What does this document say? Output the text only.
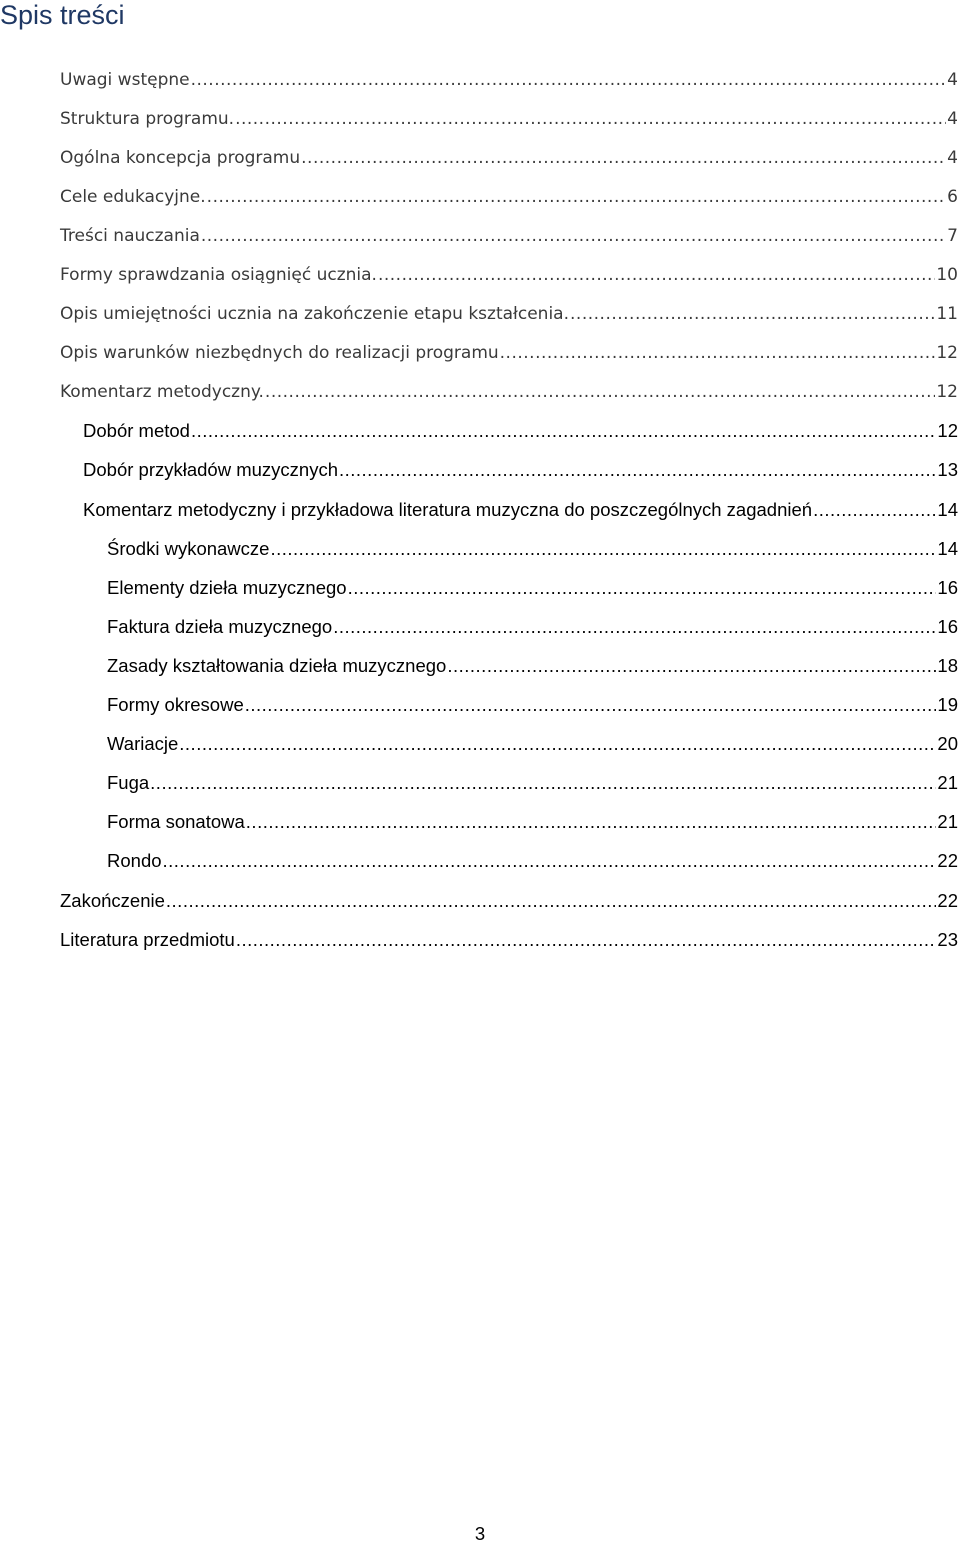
Spis treści
Uwagi wstępne .....	4
Struktura programu. .....	4
Ogólna koncepcja programu .....	4
Cele edukacyjne. .....	6
Treści nauczania .....	7
Formy sprawdzania osiągnięć ucznia. .....	10
Opis umiejętności ucznia na zakończenie etapu kształcenia. .....	11
Opis warunków niezbędnych do realizacji programu .....	12
Komentarz metodyczny. .....	12
Dobór metod .....	12
Dobór przykładów muzycznych .....	13
Komentarz metodyczny i przykładowa literatura muzyczna do poszczególnych zagadnień .....	14
Środki wykonawcze .....	14
Elementy dzieła muzycznego .....	16
Faktura dzieła muzycznego .....	16
Zasady kształtowania dzieła muzycznego .....	18
Formy okresowe .....	19
Wariacje .....	20
Fuga .....	21
Forma sonatowa .....	21
Rondo .....	22
Zakończenie .....	22
Literatura przedmiotu .....	23
3
